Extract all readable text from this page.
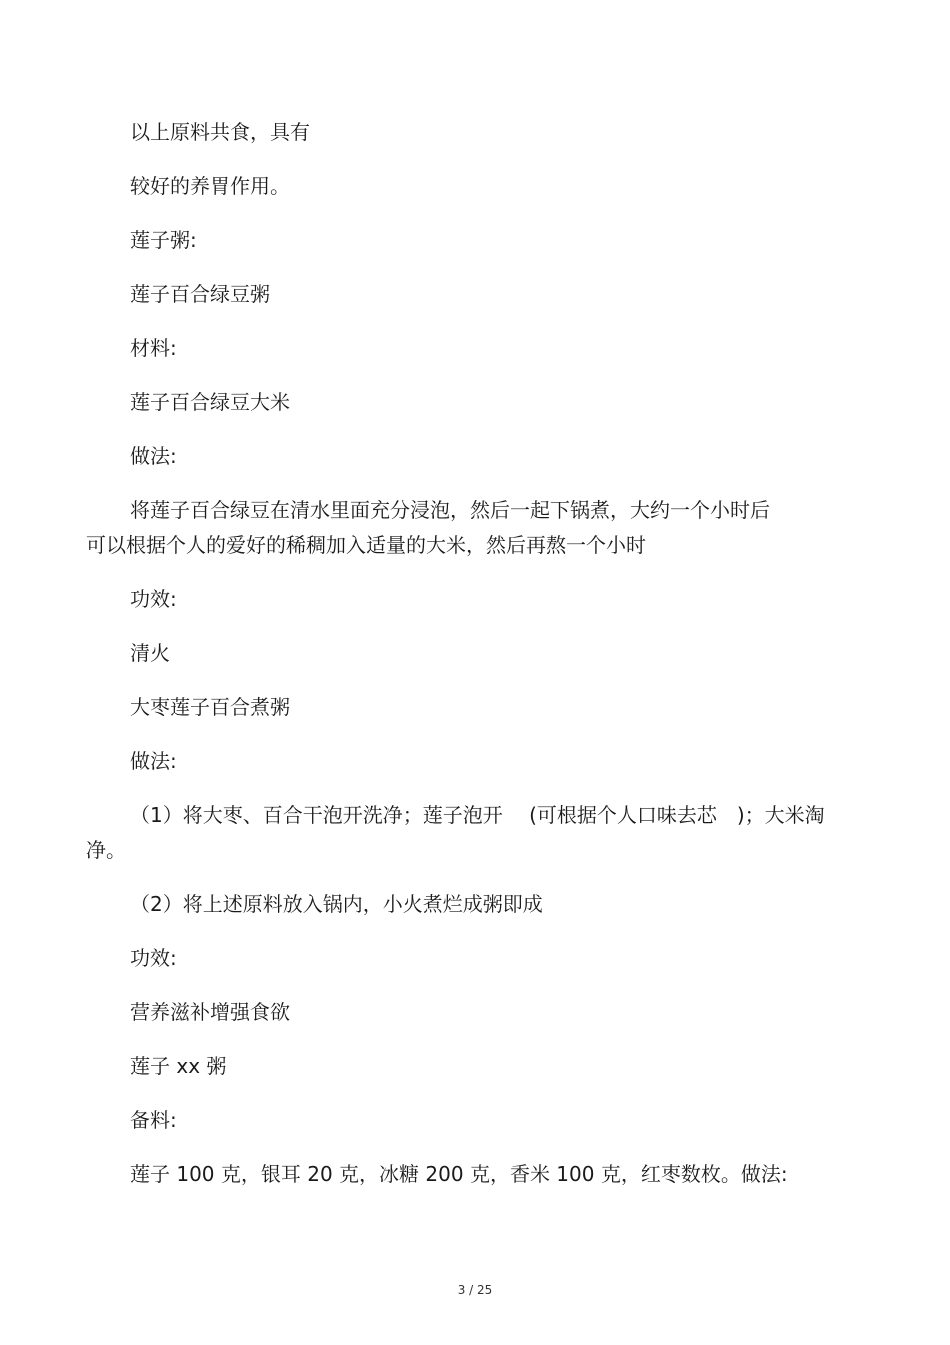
以上原料共食，具有
较好的养胃作用。
莲子粥:
莲子百合绿豆粥
材料:
莲子百合绿豆大米
做法:
将莲子百合绿豆在清水里面充分浸泡，然后一起下锅煮，大约一个小时后
可以根据个人的爱好的稀稠加入适量的大米，然后再熬一个小时
功效:
清火
大枣莲子百合煮粥
做法:
（1）将大枣、百合干泡开洗净；莲子泡开　 (可根据个人口味去芯　)；大米淘
净。
（2）将上述原料放入锅内，小火煮烂成粥即成
功效:
营养滋补增强食欲
莲子 xx 粥
备料:
莲子 100 克，银耳 20 克，冰糖 200 克，香米 100 克，红枣数枚。做法:
3 / 25
